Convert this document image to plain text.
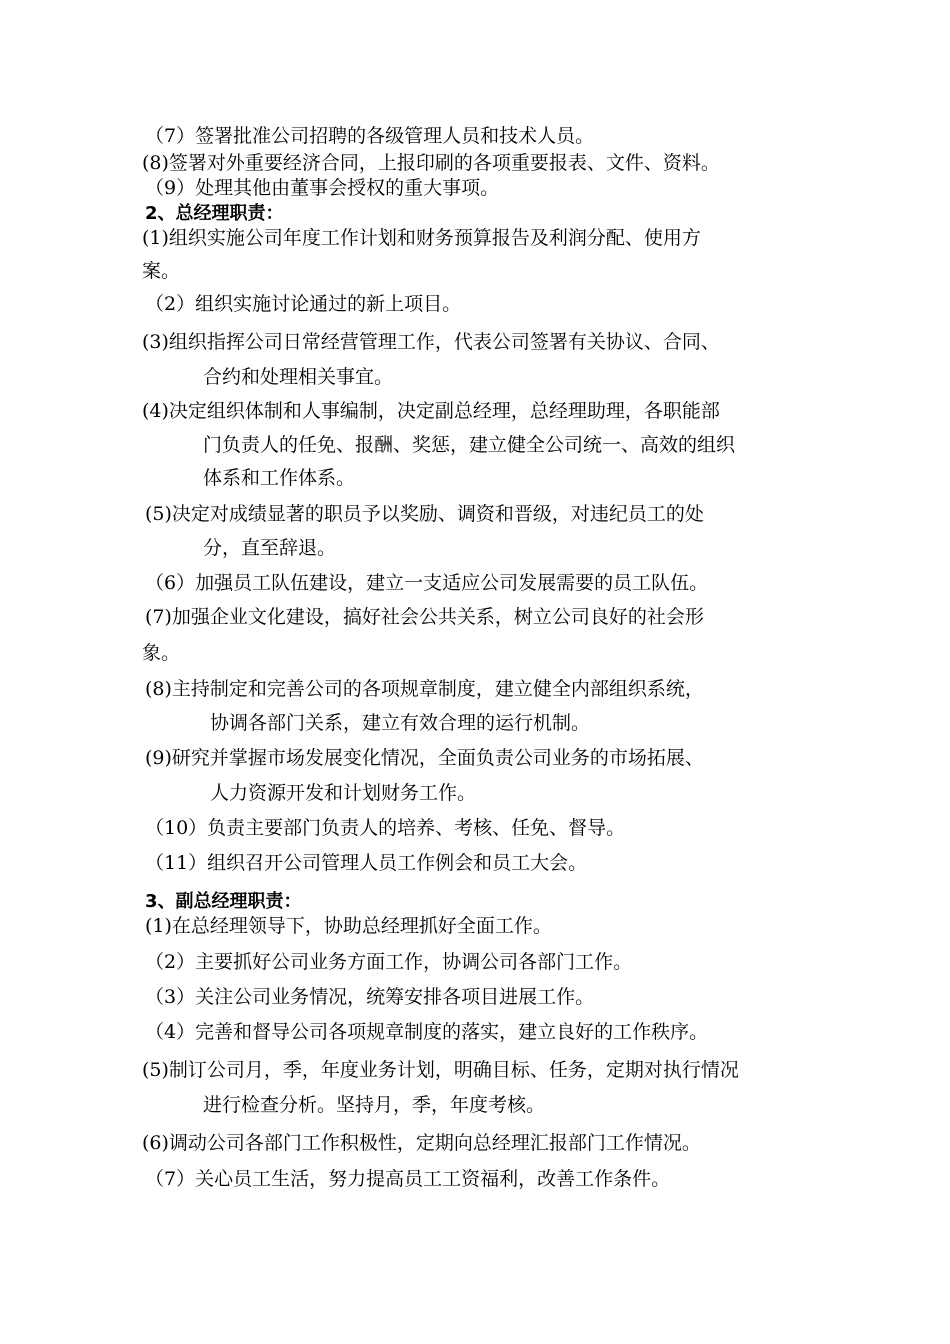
（7）签署批准公司招聘的各级管理人员和技术人员。
(8)签署对外重要经济合同，上报印刷的各项重要报表、文件、资料。
（9）处理其他由董事会授权的重大事项。
2、总经理职责：
(1)组织实施公司年度工作计划和财务预算报告及利润分配、使用方
案。
（2）组织实施讨论通过的新上项目。
(3)组织指挥公司日常经营管理工作，代表公司签署有关协议、合同、
合约和处理相关事宜。
(4)决定组织体制和人事编制，决定副总经理，总经理助理，各职能部
门负责人的任免、报酬、奖惩，建立健全公司统一、高效的组织
体系和工作体系。
(5)决定对成绩显著的职员予以奖励、调资和晋级，对违纪员工的处
分，直至辞退。
（6）加强员工队伍建设，建立一支适应公司发展需要的员工队伍。
(7)加强企业文化建设，搞好社会公共关系，树立公司良好的社会形
象。
(8)主持制定和完善公司的各项规章制度，建立健全内部组织系统，
协调各部门关系，建立有效合理的运行机制。
(9)研究并掌握市场发展变化情况，全面负责公司业务的市场拓展、
人力资源开发和计划财务工作。
（10）负责主要部门负责人的培养、考核、任免、督导。
（11）组织召开公司管理人员工作例会和员工大会。
3、副总经理职责：
(1)在总经理领导下，协助总经理抓好全面工作。
（2）主要抓好公司业务方面工作，协调公司各部门工作。
（3）关注公司业务情况，统筹安排各项目进展工作。
（4）完善和督导公司各项规章制度的落实，建立良好的工作秩序。
(5)制订公司月，季，年度业务计划，明确目标、任务，定期对执行情况
进行检查分析。坚持月，季，年度考核。
(6)调动公司各部门工作积极性，定期向总经理汇报部门工作情况。
（7）关心员工生活，努力提高员工工资福利，改善工作条件。
